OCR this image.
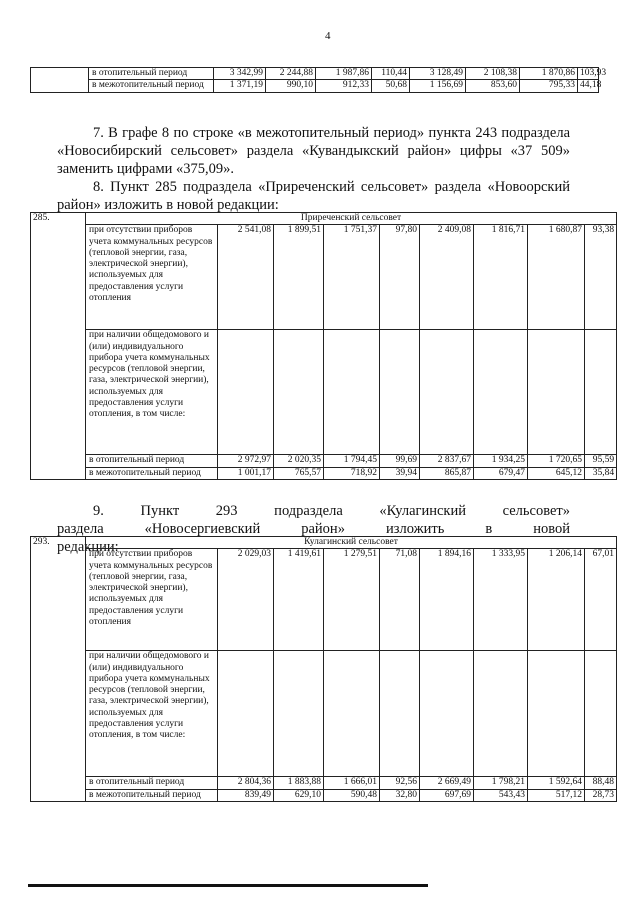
4
	в отопительный период	3 342,99	2 244,88	1 987,86	110,44	3 128,49	2 108,38	1 870,86	103,93
	в межотопительный период	1 371,19	990,10	912,33	50,68	1 156,69	853,60	795,33	44,18
7. В графе 8 по строке «в межотопительный период» пункта 243 подраздела «Новосибирский сельсовет» раздела «Кувандыкский район» цифры «37 509» заменить цифрами «375,09».
8. Пункт 285 подраздела «Приреченский сельсовет» раздела «Новоорский район» изложить в новой редакции:
285.	Приреченский сельсовет								
	при отсутствии приборов учета коммунальных ресурсов (тепловой энергии, газа, электрической энергии), используемых для предоставления услуги отопления	2 541,08	1 899,51	1 751,37	97,80	2 409,08	1 816,71	1 680,87	93,38
	при наличии общедомового и (или) индивидуального прибора учета коммунальных ресурсов (тепловой энергии, газа, электрической энергии), используемых для предоставления услуги отопления, в том числе:								
	в отопительный период	2 972,97	2 020,35	1 794,45	99,69	2 837,67	1 934,25	1 720,65	95,59
	в межотопительный период	1 001,17	765,57	718,92	39,94	865,87	679,47	645,12	35,84
9. Пункт 293 подраздела «Кулагинский сельсовет» раздела «Новосергиевский район» изложить в новой редакции:
293.	Кулагинский сельсовет								
	при отсутствии приборов учета коммунальных ресурсов (тепловой энергии, газа, электрической энергии), используемых для предоставления услуги отопления	2 029,03	1 419,61	1 279,51	71,08	1 894,16	1 333,95	1 206,14	67,01
	при наличии общедомового и (или) индивидуального прибора учета коммунальных ресурсов (тепловой энергии, газа, электрической энергии), используемых для предоставления услуги отопления, в том числе:								
	в отопительный период	2 804,36	1 883,88	1 666,01	92,56	2 669,49	1 798,21	1 592,64	88,48
	в межотопительный период	839,49	629,10	590,48	32,80	697,69	543,43	517,12	28,73
